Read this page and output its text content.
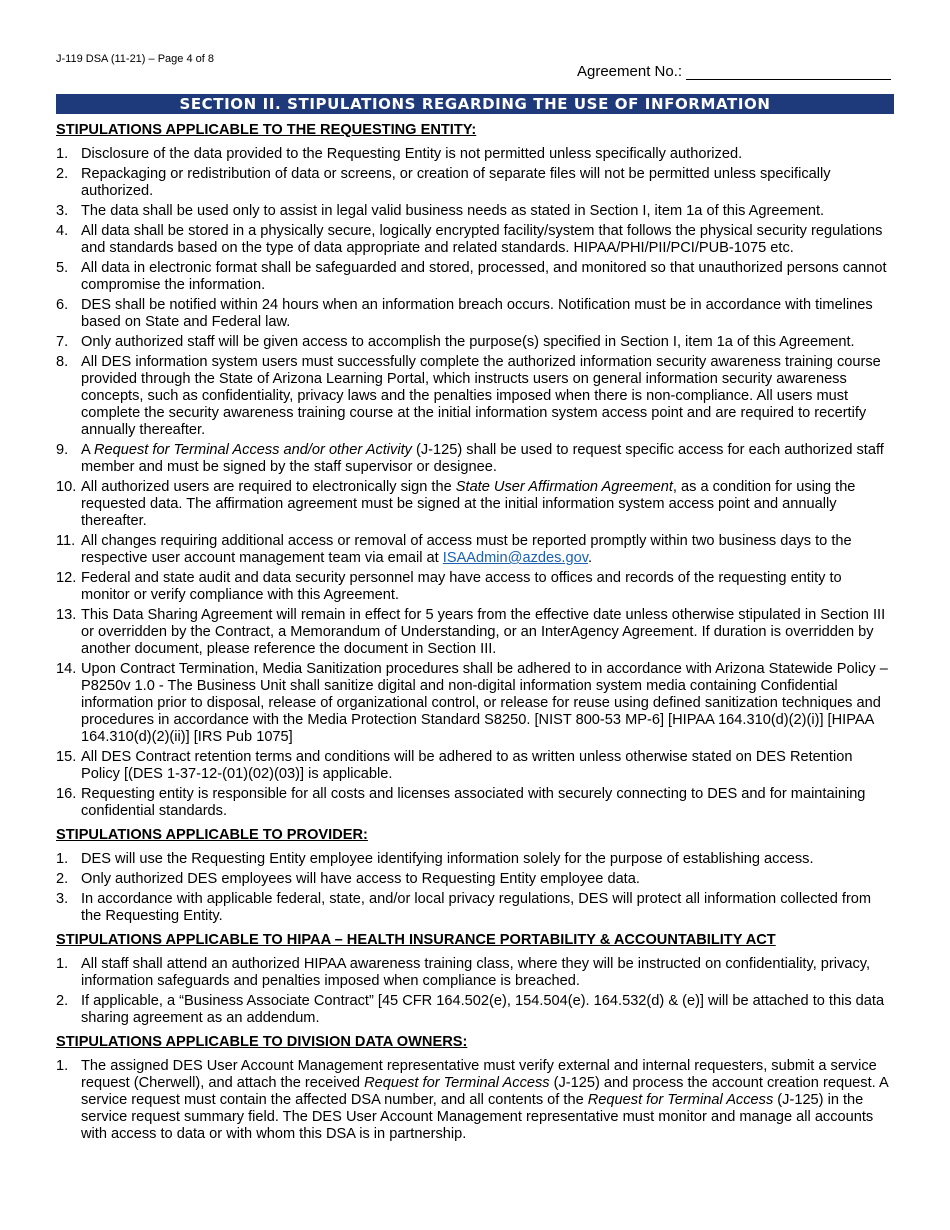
J-119 DSA (11-21) – Page 4 of 8
Agreement No.:
SECTION II. STIPULATIONS REGARDING THE USE OF INFORMATION
STIPULATIONS APPLICABLE TO THE REQUESTING ENTITY:
1. Disclosure of the data provided to the Requesting Entity is not permitted unless specifically authorized.
2. Repackaging or redistribution of data or screens, or creation of separate files will not be permitted unless specifically authorized.
3. The data shall be used only to assist in legal valid business needs as stated in Section I, item 1a of this Agreement.
4. All data shall be stored in a physically secure, logically encrypted facility/system that follows the physical security regulations and standards based on the type of data appropriate and related standards. HIPAA/PHI/PII/PCI/PUB-1075 etc.
5. All data in electronic format shall be safeguarded and stored, processed, and monitored so that unauthorized persons cannot compromise the information.
6. DES shall be notified within 24 hours when an information breach occurs. Notification must be in accordance with timelines based on State and Federal law.
7. Only authorized staff will be given access to accomplish the purpose(s) specified in Section I, item 1a of this Agreement.
8. All DES information system users must successfully complete the authorized information security awareness training course provided through the State of Arizona Learning Portal, which instructs users on general information security awareness concepts, such as confidentiality, privacy laws and the penalties imposed when there is non-compliance. All users must complete the security awareness training course at the initial information system access point and are required to recertify annually thereafter.
9. A Request for Terminal Access and/or other Activity (J-125) shall be used to request specific access for each authorized staff member and must be signed by the staff supervisor or designee.
10. All authorized users are required to electronically sign the State User Affirmation Agreement, as a condition for using the requested data. The affirmation agreement must be signed at the initial information system access point and annually thereafter.
11. All changes requiring additional access or removal of access must be reported promptly within two business days to the respective user account management team via email at ISAAdmin@azdes.gov.
12. Federal and state audit and data security personnel may have access to offices and records of the requesting entity to monitor or verify compliance with this Agreement.
13. This Data Sharing Agreement will remain in effect for 5 years from the effective date unless otherwise stipulated in Section III or overridden by the Contract, a Memorandum of Understanding, or an InterAgency Agreement. If duration is overridden by another document, please reference the document in Section III.
14. Upon Contract Termination, Media Sanitization procedures shall be adhered to in accordance with Arizona Statewide Policy – P8250v 1.0 - The Business Unit shall sanitize digital and non-digital information system media containing Confidential information prior to disposal, release of organizational control, or release for reuse using defined sanitization techniques and procedures in accordance with the Media Protection Standard S8250. [NIST 800-53 MP-6] [HIPAA 164.310(d)(2)(i)] [HIPAA 164.310(d)(2)(ii)] [IRS Pub 1075]
15. All DES Contract retention terms and conditions will be adhered to as written unless otherwise stated on DES Retention Policy [(DES 1-37-12-(01)(02)(03)] is applicable.
16. Requesting entity is responsible for all costs and licenses associated with securely connecting to DES and for maintaining confidential standards.
STIPULATIONS APPLICABLE TO PROVIDER:
1. DES will use the Requesting Entity employee identifying information solely for the purpose of establishing access.
2. Only authorized DES employees will have access to Requesting Entity employee data.
3. In accordance with applicable federal, state, and/or local privacy regulations, DES will protect all information collected from the Requesting Entity.
STIPULATIONS APPLICABLE TO HIPAA – HEALTH INSURANCE PORTABILITY & ACCOUNTABILITY ACT
1. All staff shall attend an authorized HIPAA awareness training class, where they will be instructed on confidentiality, privacy, information safeguards and penalties imposed when compliance is breached.
2. If applicable, a “Business Associate Contract” [45 CFR 164.502(e), 154.504(e). 164.532(d) & (e)] will be attached to this data sharing agreement as an addendum.
STIPULATIONS APPLICABLE TO DIVISION DATA OWNERS:
1. The assigned DES User Account Management representative must verify external and internal requesters, submit a service request (Cherwell), and attach the received Request for Terminal Access (J-125) and process the account creation request. A service request must contain the affected DSA number, and all contents of the Request for Terminal Access (J-125) in the service request summary field. The DES User Account Management representative must monitor and manage all accounts with access to data or with whom this DSA is in partnership.
